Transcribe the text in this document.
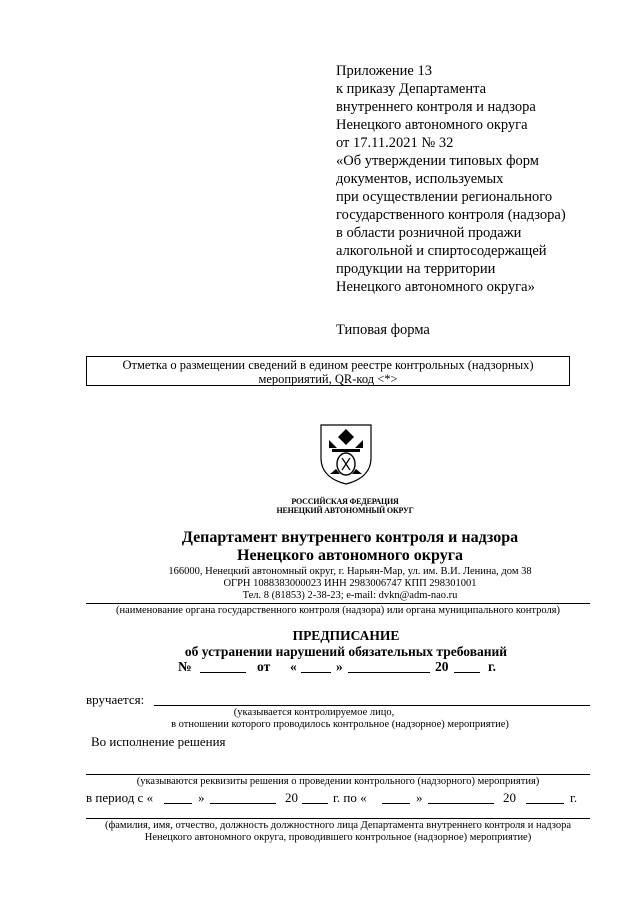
Приложение 13
к приказу Департамента
внутреннего контроля и надзора
Ненецкого автономного округа
от 17.11.2021 № 32
«Об утверждении типовых форм
документов, используемых
при осуществлении регионального
государственного контроля (надзора)
в области розничной продажи
алкогольной и спиртосодержащей
продукции на территории
Ненецкого автономного округа»
Типовая форма
Отметка о размещении сведений в едином реестре контрольных (надзорных)
мероприятий, QR-код <*>
РОССИЙСКАЯ ФЕДЕРАЦИЯ
НЕНЕЦКИЙ АВТОНОМНЫЙ ОКРУГ
Департамент внутреннего контроля и надзора
Ненецкого автономного округа
166000, Ненецкий автономный округ, г. Нарьян-Мар, ул. им. В.И. Ленина, дом 38
ОГРН 1088383000023 ИНН 2983006747 КПП 298301001
Тел. 8 (81853) 2-38-23; e-mail: dvkn@adm-nao.ru
(наименование органа государственного контроля (надзора) или органа муниципального контроля)
ПРЕДПИСАНИЕ
об устранении нарушений обязательных требований
№	от «	»	20	г.
вручается:
(указывается контролируемое лицо,
в отношении которого проводилось контрольное (надзорное) мероприятие)
Во исполнение решения
(указываются реквизиты решения о проведении контрольного (надзорного) мероприятия)
в период с «	»	20	г. по «	»	20	г.
(фамилия, имя, отчество, должность должностного лица Департамента внутреннего контроля и надзора
Ненецкого автономного округа, проводившего контрольное (надзорное) мероприятие)
